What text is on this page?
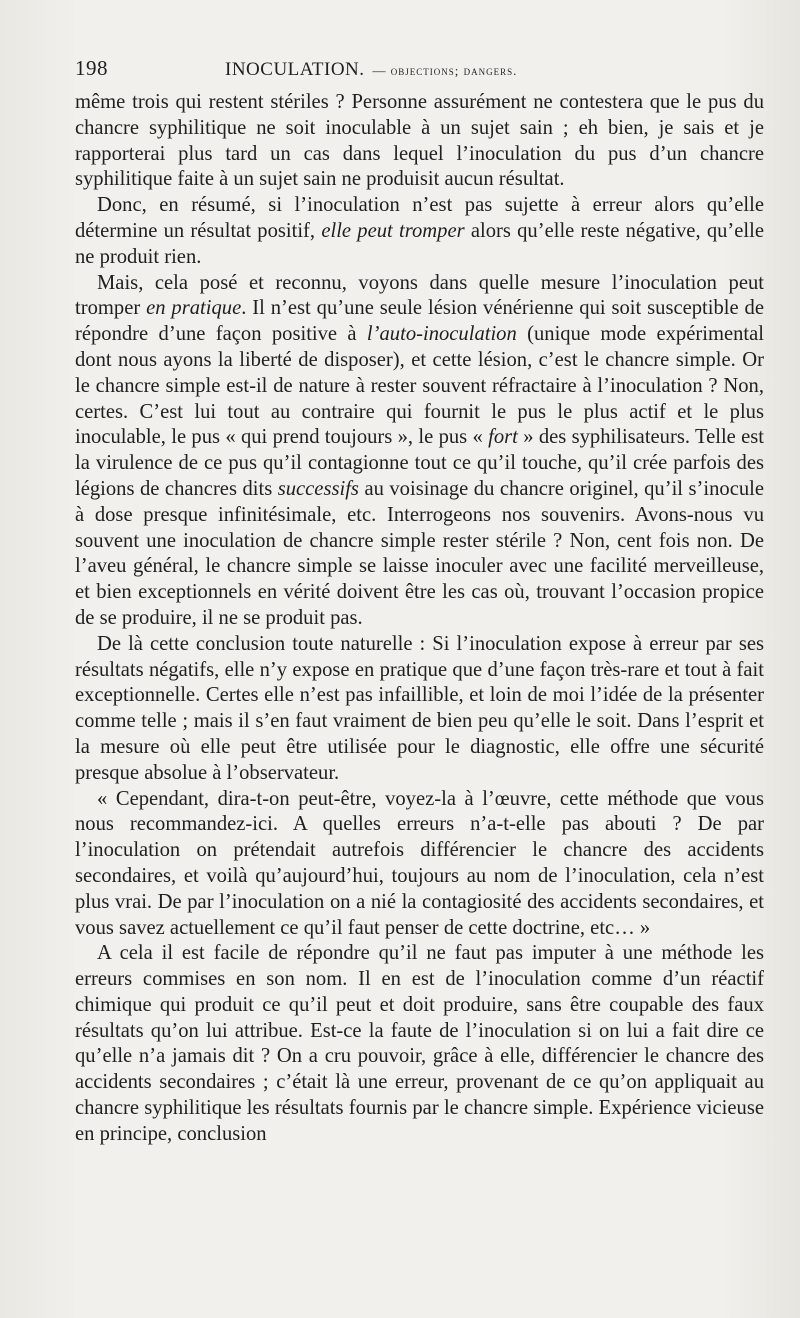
198	INOCULATION. — objections; dangers.

même trois qui restent stériles ? Personne assurément ne contestera que le pus du chancre syphilitique ne soit inoculable à un sujet sain ; eh bien, je sais et je rapporterai plus tard un cas dans lequel l’inoculation du pus d’un chancre syphilitique faite à un sujet sain ne produisit aucun résultat.

Donc, en résumé, si l’inoculation n’est pas sujette à erreur alors qu’elle détermine un résultat positif, elle peut tromper alors qu’elle reste négative, qu’elle ne produit rien.

Mais, cela posé et reconnu, voyons dans quelle mesure l’inoculation peut tromper en pratique. Il n’est qu’une seule lésion vénérienne qui soit susceptible de répondre d’une façon positive à l’auto-inoculation (unique mode expérimental dont nous ayons la liberté de disposer), et cette lésion, c’est le chancre simple. Or le chancre simple est-il de nature à rester souvent réfractaire à l’inoculation ? Non, certes. C’est lui tout au contraire qui fournit le pus le plus actif et le plus inoculable, le pus « qui prend toujours », le pus « fort » des syphilisateurs. Telle est la virulence de ce pus qu’il contagionne tout ce qu’il touche, qu’il crée parfois des légions de chancres dits successifs au voisinage du chancre originel, qu’il s’inocule à dose presque infinitésimale, etc. Interrogeons nos souvenirs. Avons-nous vu souvent une inoculation de chancre simple rester stérile ? Non, cent fois non. De l’aveu général, le chancre simple se laisse inoculer avec une facilité merveilleuse, et bien exceptionnels en vérité doivent être les cas où, trouvant l’occasion propice de se produire, il ne se produit pas.

De là cette conclusion toute naturelle : Si l’inoculation expose à erreur par ses résultats négatifs, elle n’y expose en pratique que d’une façon très-rare et tout à fait exceptionnelle. Certes elle n’est pas infaillible, et loin de moi l’idée de la présenter comme telle ; mais il s’en faut vraiment de bien peu qu’elle le soit. Dans l’esprit et la mesure où elle peut être utilisée pour le diagnostic, elle offre une sécurité presque absolue à l’observateur.

« Cependant, dira-t-on peut-être, voyez-la à l’œuvre, cette méthode que vous nous recommandez-ici. A quelles erreurs n’a-t-elle pas abouti ? De par l’inoculation on prétendait autrefois différencier le chancre des accidents secondaires, et voilà qu’aujourd’hui, toujours au nom de l’inoculation, cela n’est plus vrai. De par l’inoculation on a nié la contagiosité des accidents secondaires, et vous savez actuellement ce qu’il faut penser de cette doctrine, etc… »

A cela il est facile de répondre qu’il ne faut pas imputer à une méthode les erreurs commises en son nom. Il en est de l’inoculation comme d’un réactif chimique qui produit ce qu’il peut et doit produire, sans être coupable des faux résultats qu’on lui attribue. Est-ce la faute de l’inoculation si on lui a fait dire ce qu’elle n’a jamais dit ? On a cru pouvoir, grâce à elle, différencier le chancre des accidents secondaires ; c’était là une erreur, provenant de ce qu’on appliquait au chancre syphilitique les résultats fournis par le chancre simple. Expérience vicieuse en principe, conclusion
